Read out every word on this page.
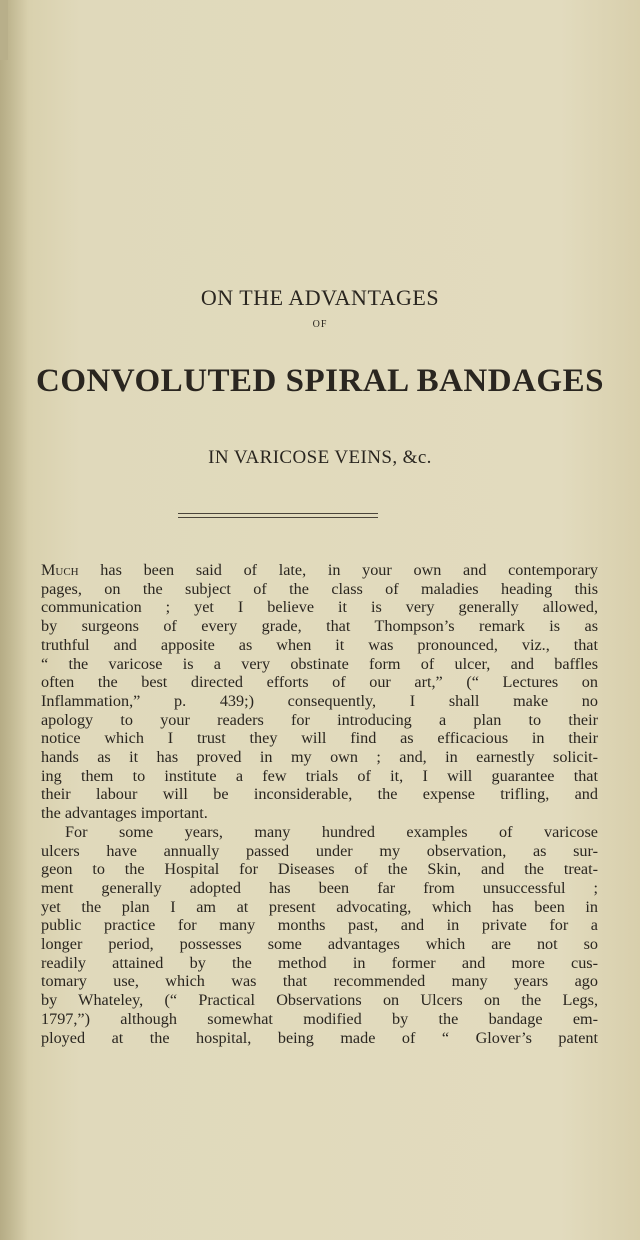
ON THE ADVANTAGES
OF
CONVOLUTED SPIRAL BANDAGES
IN VARICOSE VEINS, &c.
Much has been said of late, in your own and contemporary
pages, on the subject of the class of maladies heading this
communication ; yet I believe it is very generally allowed,
by surgeons of every grade, that Thompson’s remark is as
truthful and apposite as when it was pronounced, viz., that
“ the varicose is a very obstinate form of ulcer, and baffles
often the best directed efforts of our art,” (“ Lectures on
Inflammation,” p. 439;) consequently, I shall make no
apology to your readers for introducing a plan to their
notice which I trust they will find as efficacious in their
hands as it has proved in my own ; and, in earnestly solicit-
ing them to institute a few trials of it, I will guarantee that
their labour will be inconsiderable, the expense trifling, and
the advantages important.
For some years, many hundred examples of varicose
ulcers have annually passed under my observation, as sur-
geon to the Hospital for Diseases of the Skin, and the treat-
ment generally adopted has been far from unsuccessful ;
yet the plan I am at present advocating, which has been in
public practice for many months past, and in private for a
longer period, possesses some advantages which are not so
readily attained by the method in former and more cus-
tomary use, which was that recommended many years ago
by Whateley, (“ Practical Observations on Ulcers on the Legs,
1797,”) although somewhat modified by the bandage em-
ployed at the hospital, being made of “ Glover’s patent
